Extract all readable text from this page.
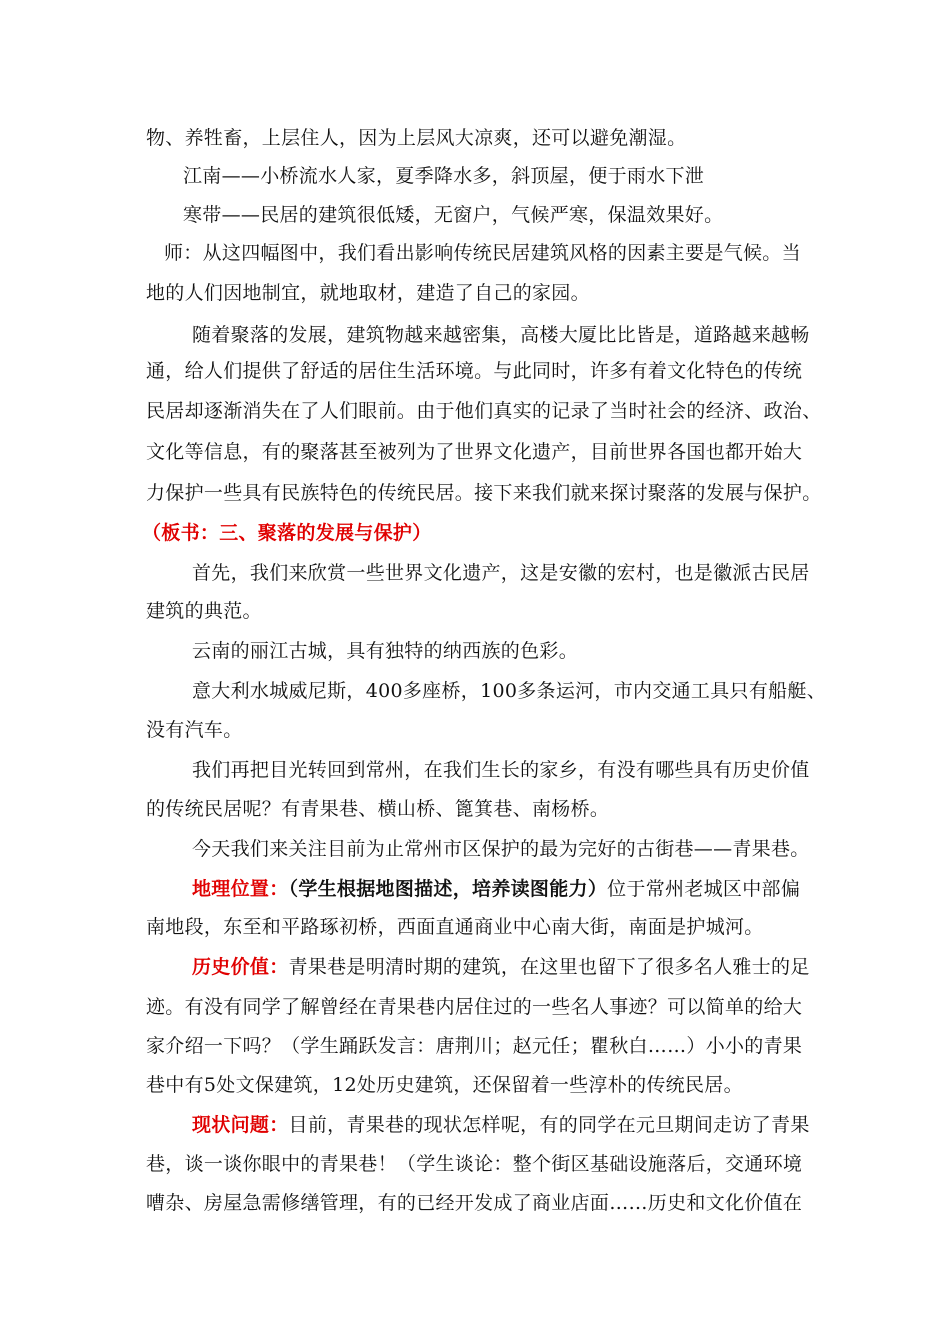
物、养牲畜，上层住人，因为上层风大凉爽，还可以避免潮湿。
江南——小桥流水人家，夏季降水多，斜顶屋，便于雨水下泄
寒带——民居的建筑很低矮，无窗户，气候严寒，保温效果好。
师：从这四幅图中，我们看出影响传统民居建筑风格的因素主要是气候。当
地的人们因地制宜，就地取材，建造了自己的家园。
随着聚落的发展，建筑物越来越密集，高楼大厦比比皆是，道路越来越畅
通，给人们提供了舒适的居住生活环境。与此同时，许多有着文化特色的传统
民居却逐渐消失在了人们眼前。由于他们真实的记录了当时社会的经济、政治、
文化等信息，有的聚落甚至被列为了世界文化遗产，目前世界各国也都开始大
力保护一些具有民族特色的传统民居。接下来我们就来探讨聚落的发展与保护。
（板书：三、聚落的发展与保护）
首先，我们来欣赏一些世界文化遗产，这是安徽的宏村，也是徽派古民居
建筑的典范。
云南的丽江古城，具有独特的纳西族的色彩。
意大利水城威尼斯，400多座桥，100多条运河，市内交通工具只有船艇、
没有汽车。
我们再把目光转回到常州，在我们生长的家乡，有没有哪些具有历史价值
的传统民居呢？有青果巷、横山桥、篦箕巷、南杨桥。
今天我们来关注目前为止常州市区保护的最为完好的古街巷——青果巷。
地理位置：（学生根据地图描述，培养读图能力）位于常州老城区中部偏
南地段，东至和平路琢初桥，西面直通商业中心南大街，南面是护城河。
历史价值：青果巷是明清时期的建筑，在这里也留下了很多名人雅士的足
迹。有没有同学了解曾经在青果巷内居住过的一些名人事迹？可以简单的给大
家介绍一下吗？（学生踊跃发言：唐荆川；赵元任；瞿秋白……）小小的青果
巷中有5处文保建筑，12处历史建筑，还保留着一些淳朴的传统民居。
现状问题：目前，青果巷的现状怎样呢，有的同学在元旦期间走访了青果
巷，谈一谈你眼中的青果巷！（学生谈论：整个街区基础设施落后，交通环境
嘈杂、房屋急需修缮管理，有的已经开发成了商业店面……历史和文化价值在
